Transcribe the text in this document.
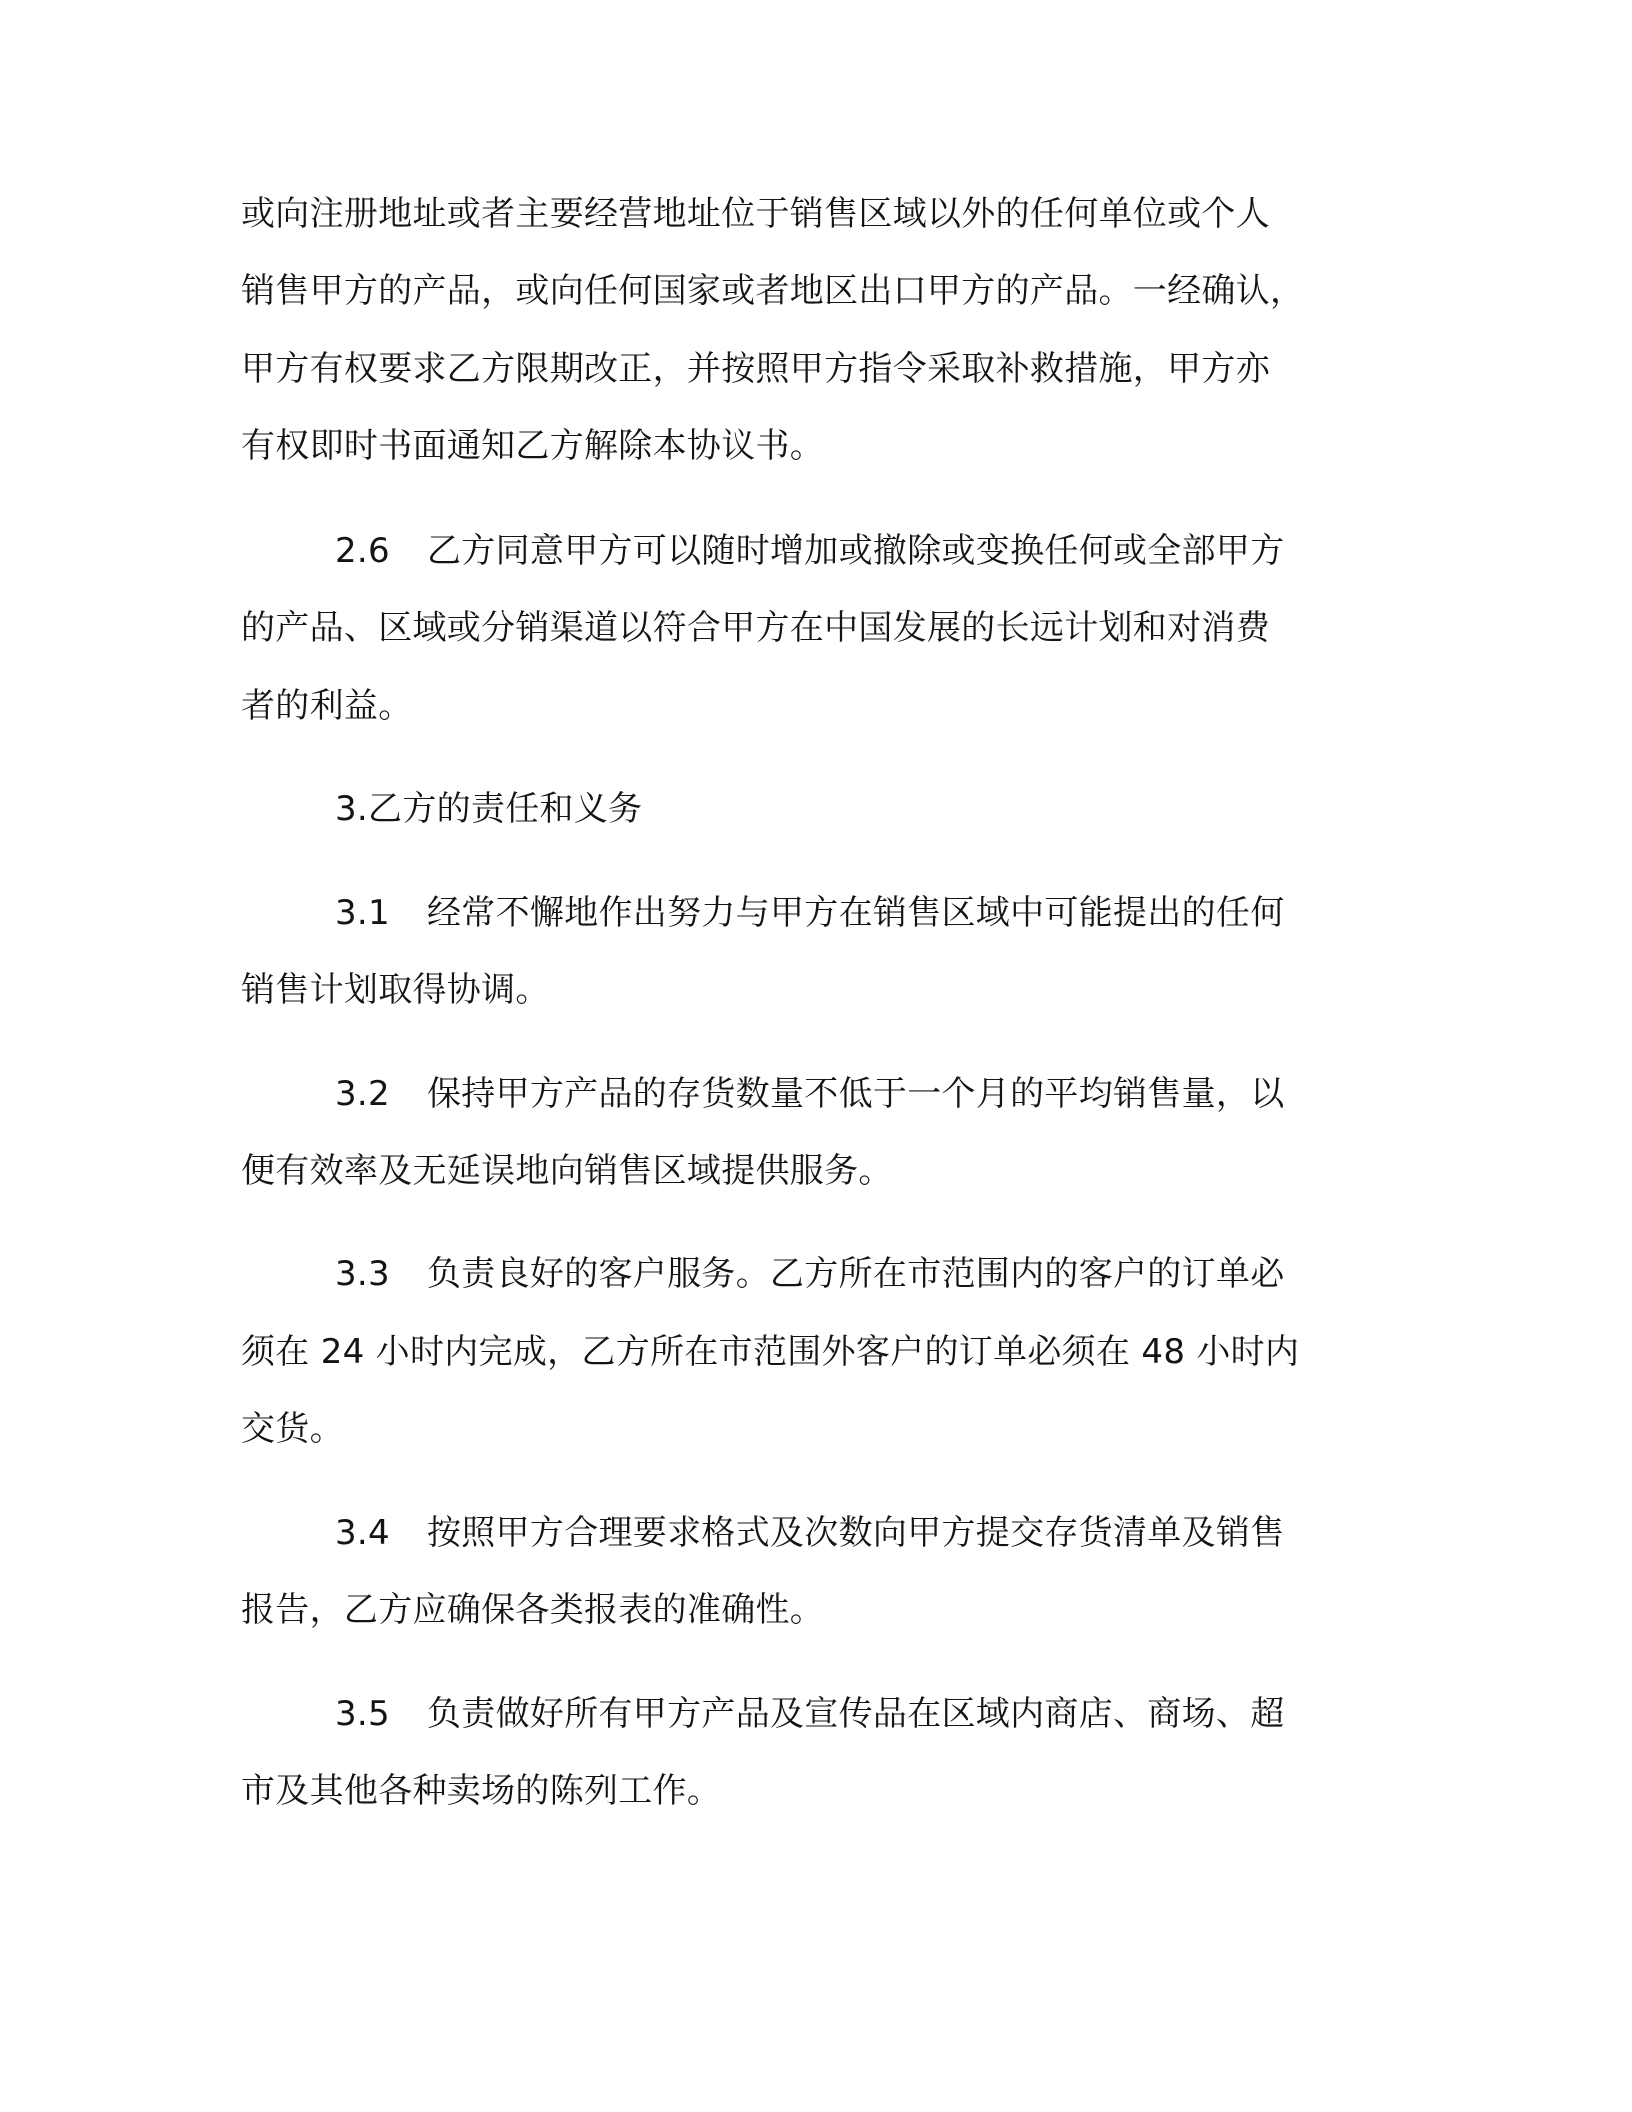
或向注册地址或者主要经营地址位于销售区域以外的任何单位或个人
销售甲方的产品，或向任何国家或者地区出口甲方的产品。一经确认，
甲方有权要求乙方限期改正，并按照甲方指令采取补救措施，甲方亦
有权即时书面通知乙方解除本协议书。
2.6 乙方同意甲方可以随时增加或撤除或变换任何或全部甲方
的产品、区域或分销渠道以符合甲方在中国发展的长远计划和对消费
者的利益。
3.乙方的责任和义务
3.1 经常不懈地作出努力与甲方在销售区域中可能提出的任何
销售计划取得协调。
3.2 保持甲方产品的存货数量不低于一个月的平均销售量，以
便有效率及无延误地向销售区域提供服务。
3.3 负责良好的客户服务。乙方所在市范围内的客户的订单必
须在 24 小时内完成，乙方所在市范围外客户的订单必须在 48 小时内
交货。
3.4 按照甲方合理要求格式及次数向甲方提交存货清单及销售
报告，乙方应确保各类报表的准确性。
3.5 负责做好所有甲方产品及宣传品在区域内商店、商场、超
市及其他各种卖场的陈列工作。
